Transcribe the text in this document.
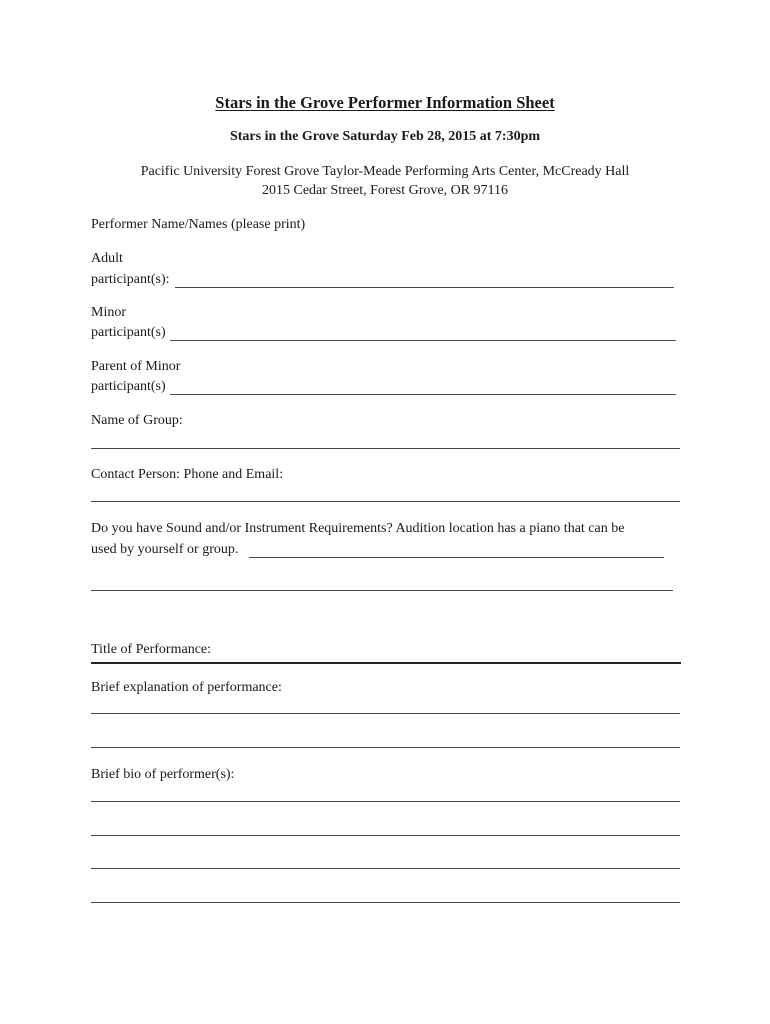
Stars in the Grove Performer Information Sheet
Stars in the Grove Saturday Feb 28, 2015 at 7:30pm
Pacific University Forest Grove Taylor-Meade Performing Arts Center, McCready Hall
2015 Cedar Street, Forest Grove, OR 97116
Performer Name/Names (please print)
Adult
participant(s):
Minor
participant(s)
Parent of Minor
participant(s)
Name of Group:
Contact Person: Phone and Email:
Do you have Sound and/or Instrument Requirements? Audition location has a piano that can be
used by yourself or group.
Title of Performance:
Brief explanation of performance:
Brief bio of performer(s):
